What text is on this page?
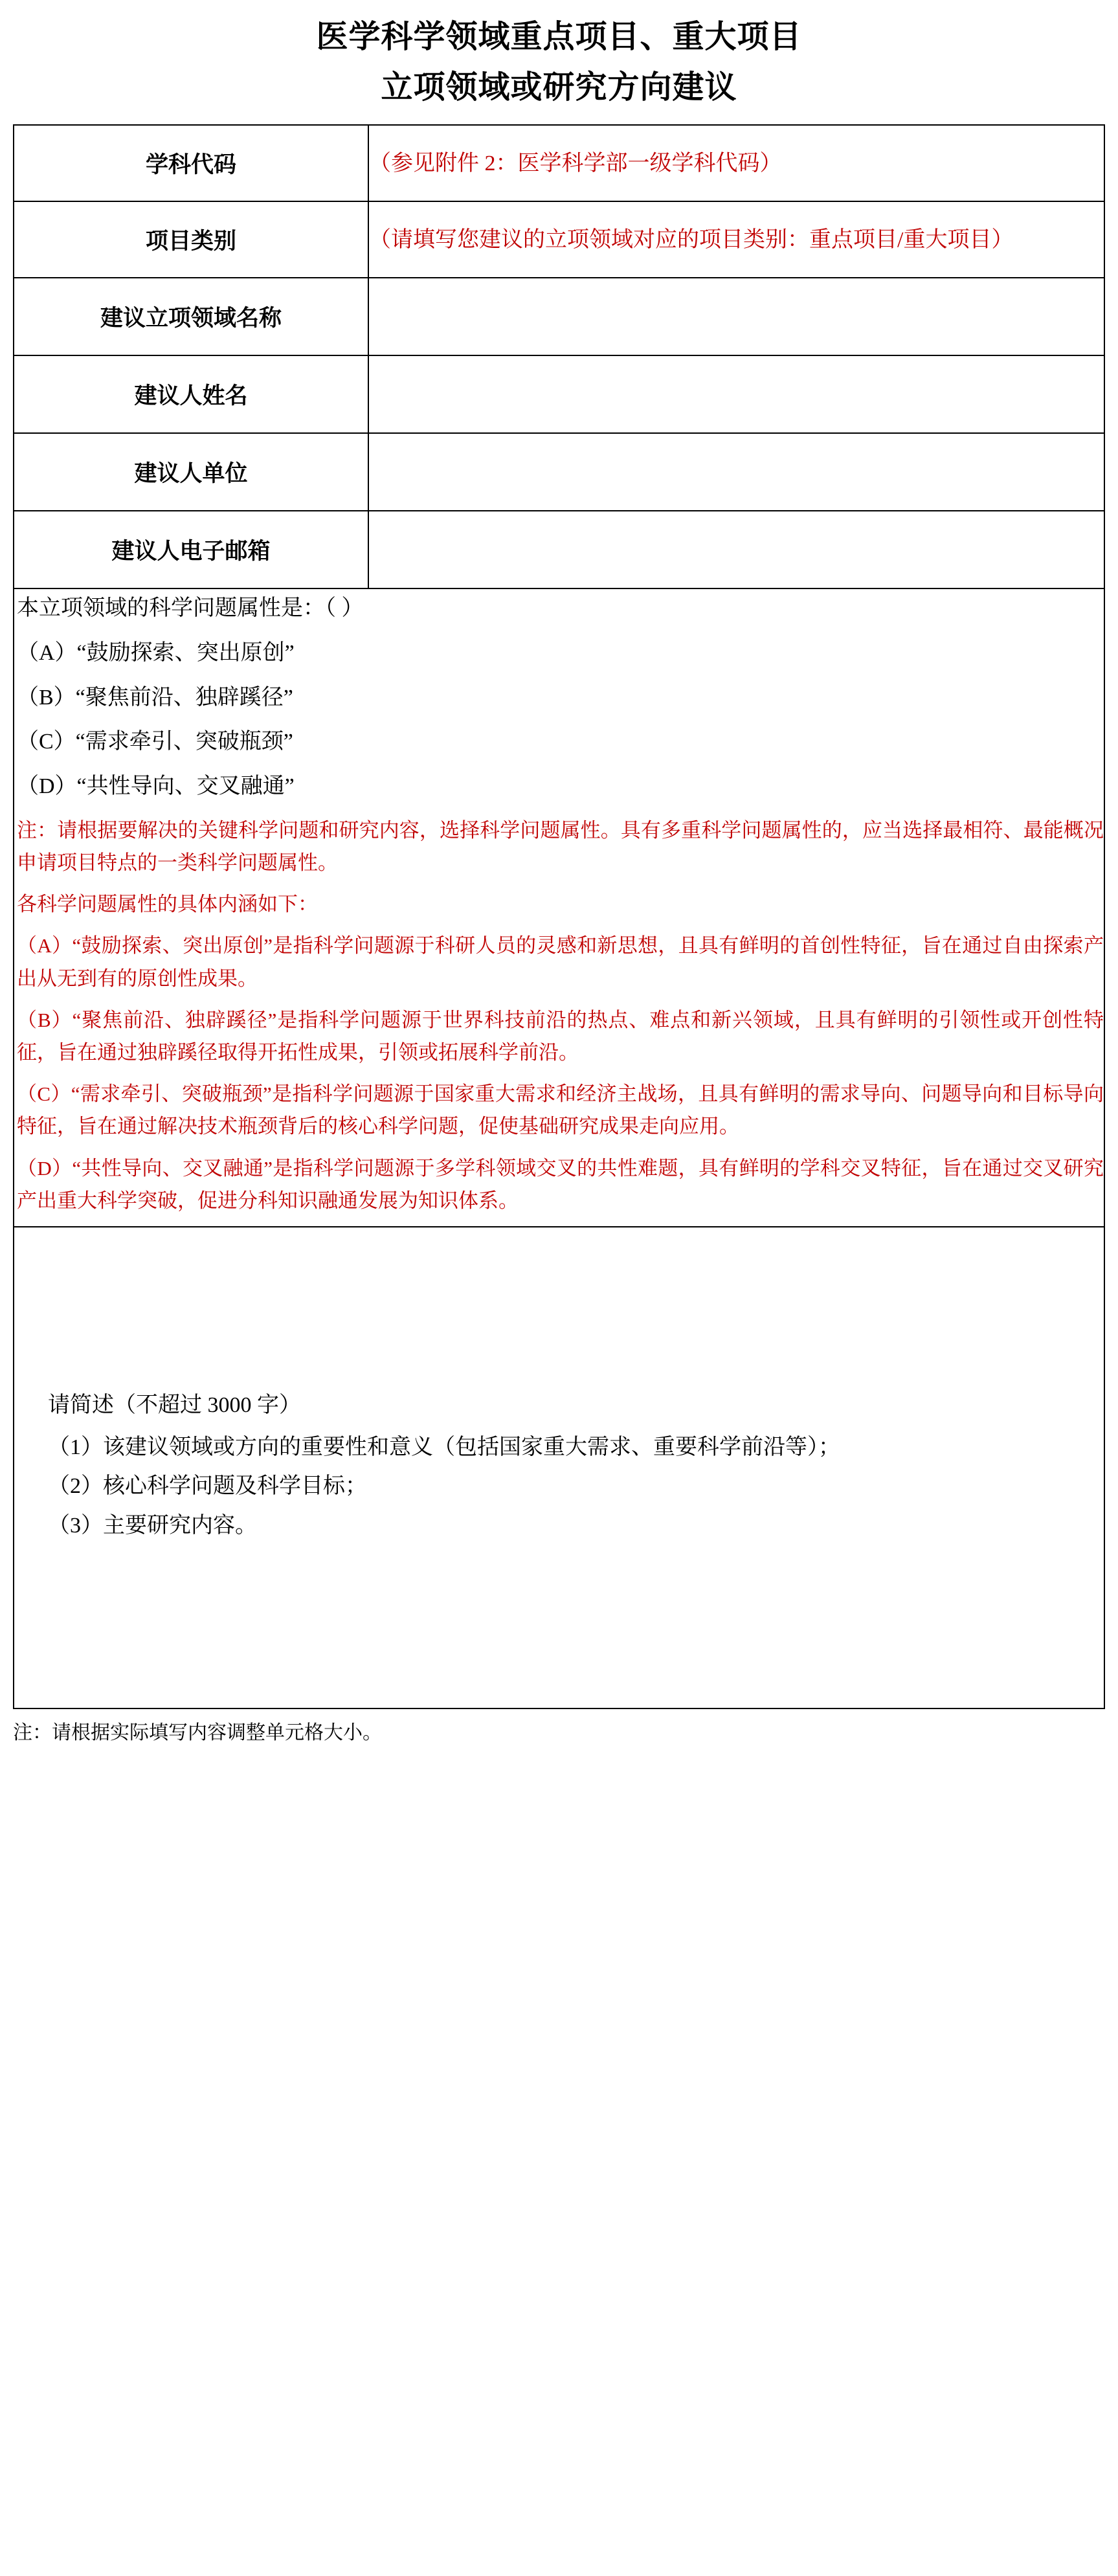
医学科学领域重点项目、重大项目
立项领域或研究方向建议
学科代码	（参见附件 2：医学科学部一级学科代码）
项目类别	（请填写您建议的立项领域对应的项目类别：重点项目/重大项目）
建议立项领域名称	
建议人姓名	
建议人单位	
建议人电子邮箱	

本立项领域的科学问题属性是：（ ）
（A）“鼓励探索、突出原创”
（B）“聚焦前沿、独辟蹊径”
（C）“需求牵引、突破瓶颈”
（D）“共性导向、交叉融通”
注：请根据要解决的关键科学问题和研究内容，选择科学问题属性。具有多重科学问题属性的，应当选择最相符、最能概况申请项目特点的一类科学问题属性。
各科学问题属性的具体内涵如下：
（A）“鼓励探索、突出原创”是指科学问题源于科研人员的灵感和新思想，且具有鲜明的首创性特征，旨在通过自由探索产出从无到有的原创性成果。
（B）“聚焦前沿、独辟蹊径”是指科学问题源于世界科技前沿的热点、难点和新兴领域，且具有鲜明的引领性或开创性特征，旨在通过独辟蹊径取得开拓性成果，引领或拓展科学前沿。
（C）“需求牵引、突破瓶颈”是指科学问题源于国家重大需求和经济主战场，且具有鲜明的需求导向、问题导向和目标导向特征，旨在通过解决技术瓶颈背后的核心科学问题，促使基础研究成果走向应用。
（D）“共性导向、交叉融通”是指科学问题源于多学科领域交叉的共性难题，具有鲜明的学科交叉特征，旨在通过交叉研究产出重大科学突破，促进分科知识融通发展为知识体系。

请简述（不超过 3000 字）
（1）该建议领域或方向的重要性和意义（包括国家重大需求、重要科学前沿等）；
（2）核心科学问题及科学目标；
（3）主要研究内容。	
注：请根据实际填写内容调整单元格大小。
